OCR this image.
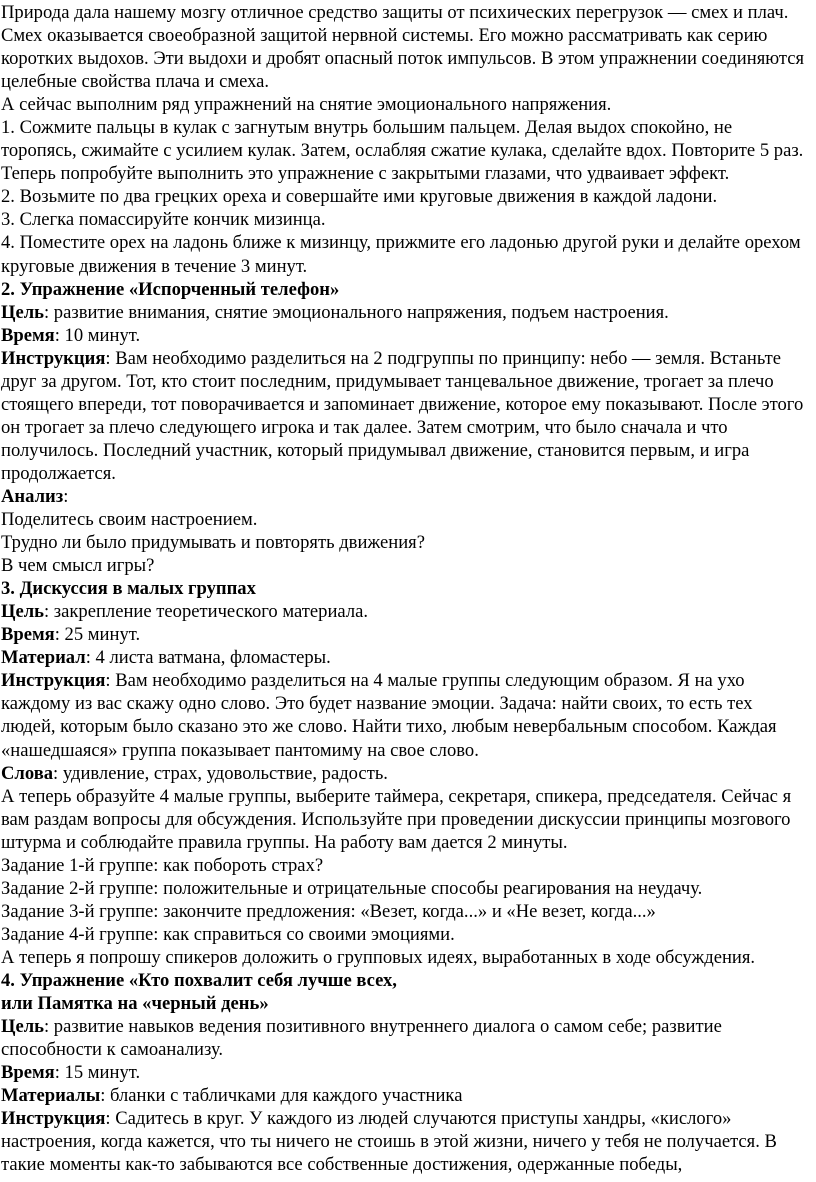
Природа дала нашему мозгу отличное средство защиты от психических перегрузок — смех и плач. Смех оказывается своеобразной защитой нервной системы. Его можно рассматривать как серию коротких выдохов. Эти выдохи и дробят опасный поток импульсов. В этом упражнении соединяются целебные свойства плача и смеха.

А сейчас выполним ряд упражнений на снятие эмоционального напряжения.

1. Сожмите пальцы в кулак с загнутым внутрь большим пальцем. Делая выдох спокойно, не торопясь, сжимайте с усилием кулак. Затем, ослабляя сжатие кулака, сделайте вдох. Повторите 5 раз. Теперь попробуйте выполнить это упражнение с закрытыми глазами, что удваивает эффект.

2. Возьмите по два грецких ореха и совершайте ими круговые движения в каждой ладони.

3. Слегка помассируйте кончик мизинца.

4. Поместите орех на ладонь ближе к мизинцу, прижмите его ладонью другой руки и делайте орехом круговые движения в течение 3 минут.

2. Упражнение «Испорченный телефон»

Цель: развитие внимания, снятие эмоционального напряжения, подъем настроения.

Время: 10 минут.

Инструкция: Вам необходимо разделиться на 2 подгруппы по принципу: небо — земля. Встаньте друг за другом. Тот, кто стоит последним, придумывает танцевальное движение, трогает за плечо стоящего впереди, тот поворачивается и запоминает движение, которое ему показывают. После этого он трогает за плечо следующего игрока и так далее. Затем смотрим, что было сначала и что получилось. Последний участник, который придумывал движение, становится первым, и игра продолжается.

Анализ:

Поделитесь своим настроением.

Трудно ли было придумывать и повторять движения?

В чем смысл игры?

3. Дискуссия в малых группах

Цель: закрепление теоретического материала.

Время: 25 минут.

Материал: 4 листа ватмана, фломастеры.

Инструкция: Вам необходимо разделиться на 4 малые группы следующим образом. Я на ухо каждому из вас скажу одно слово. Это будет название эмоции. Задача: найти своих, то есть тех людей, которым было сказано это же слово. Найти тихо, любым невербальным способом. Каждая «нашедшаяся» группа показывает пантомиму на свое слово.

Слова: удивление, страх, удовольствие, радость.

А теперь образуйте 4 малые группы, выберите таймера, секретаря, спикера, председателя. Сейчас я вам раздам вопросы для обсуждения. Используйте при проведении дискуссии принципы мозгового штурма и соблюдайте правила группы. На работу вам дается 2 минуты.

Задание 1-й группе: как побороть страх?

Задание 2-й группе: положительные и отрицательные способы реагирования на неудачу.

Задание 3-й группе: закончите предложения: «Везет, когда...» и «Не везет, когда...»

Задание 4-й группе: как справиться со своими эмоциями.

А теперь я попрошу спикеров доложить о групповых идеях, выработанных в ходе обсуждения.

4. Упражнение «Кто похвалит себя лучше всех,
или Памятка на «черный день»

Цель: развитие навыков ведения позитивного внутреннего диалога о самом себе; развитие способности к самоанализу.

Время: 15 минут.

Материалы: бланки с табличками для каждого участника

Инструкция: Садитесь в круг. У каждого из людей случаются приступы хандры, «кислого» настроения, когда кажется, что ты ничего не стоишь в этой жизни, ничего у тебя не получается. В такие моменты как-то забываются все собственные достижения, одержанные победы,
